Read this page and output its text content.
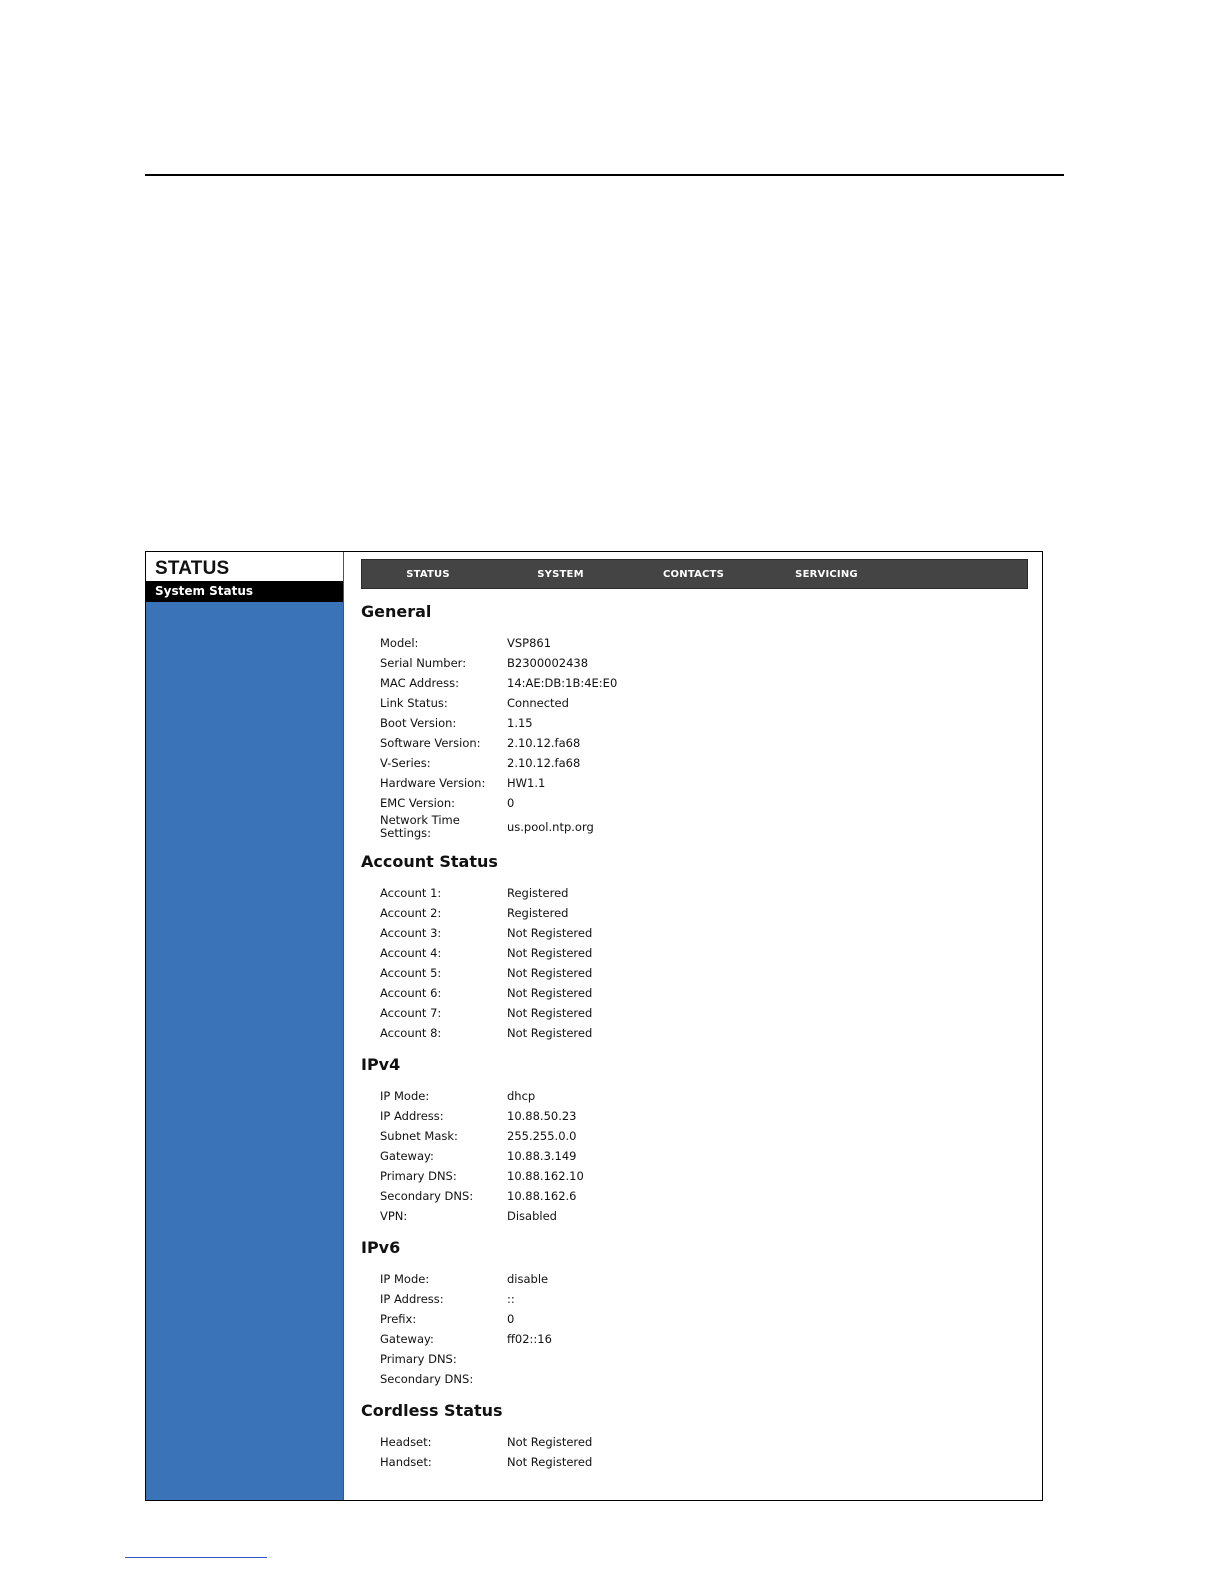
STATUS
System Status
STATUS	SYSTEM	CONTACTS	SERVICING
General
Model:	VSP861
Serial Number:	B2300002438
MAC Address:	14:AE:DB:1B:4E:E0
Link Status:	Connected
Boot Version:	1.15
Software Version:	2.10.12.fa68
V-Series:	2.10.12.fa68
Hardware Version:	HW1.1
EMC Version:	0
Network Time
Settings:	us.pool.ntp.org
Account Status
Account 1:	Registered
Account 2:	Registered
Account 3:	Not Registered
Account 4:	Not Registered
Account 5:	Not Registered
Account 6:	Not Registered
Account 7:	Not Registered
Account 8:	Not Registered
IPv4
IP Mode:	dhcp
IP Address:	10.88.50.23
Subnet Mask:	255.255.0.0
Gateway:	10.88.3.149
Primary DNS:	10.88.162.10
Secondary DNS:	10.88.162.6
VPN:	Disabled
IPv6
IP Mode:	disable
IP Address:	::
Prefix:	0
Gateway:	ff02::16
Primary DNS:
Secondary DNS:
Cordless Status
Headset:	Not Registered
Handset:	Not Registered
